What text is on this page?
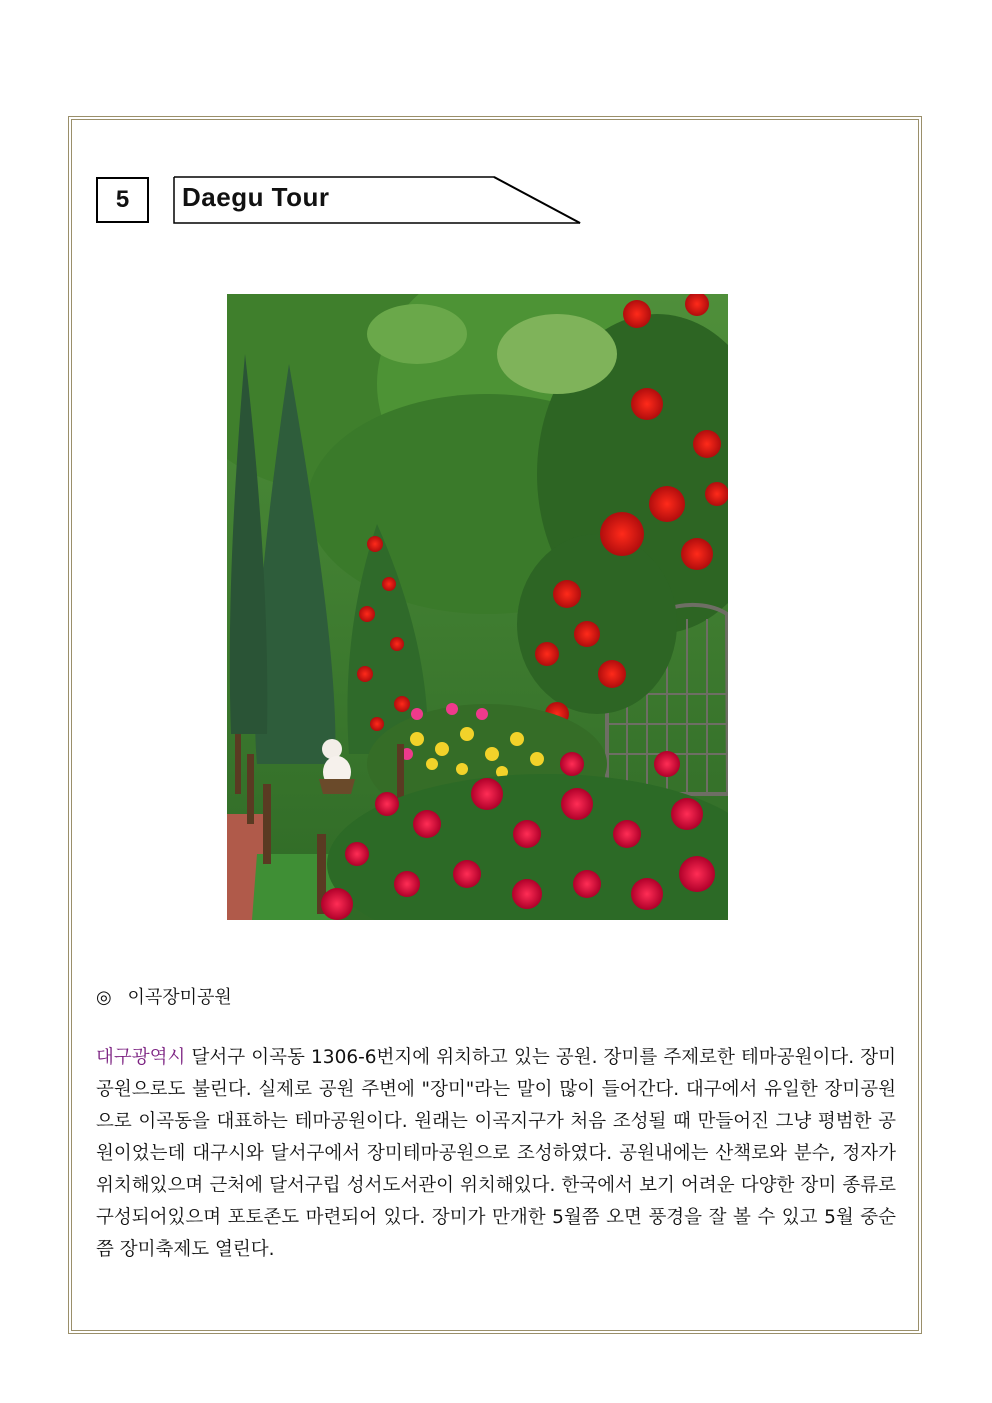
5	Daegu Tour
◎ 이곡장미공원
대구광역시 달서구 이곡동 1306-6번지에 위치하고 있는 공원. 장미를 주제로한 테마공원이다. 장미공원으로도 불린다. 실제로 공원 주변에 "장미"라는 말이 많이 들어간다. 대구에서 유일한 장미공원으로 이곡동을 대표하는 테마공원이다. 원래는 이곡지구가 처음 조성될 때 만들어진 그냥 평범한 공원이었는데 대구시와 달서구에서 장미테마공원으로 조성하였다. 공원내에는 산책로와 분수, 정자가 위치해있으며 근처에 달서구립 성서도서관이 위치해있다. 한국에서 보기 어려운 다양한 장미 종류로 구성되어있으며 포토존도 마련되어 있다. 장미가 만개한 5월쯤 오면 풍경을 잘 볼 수 있고 5월 중순 쯤 장미축제도 열린다.
